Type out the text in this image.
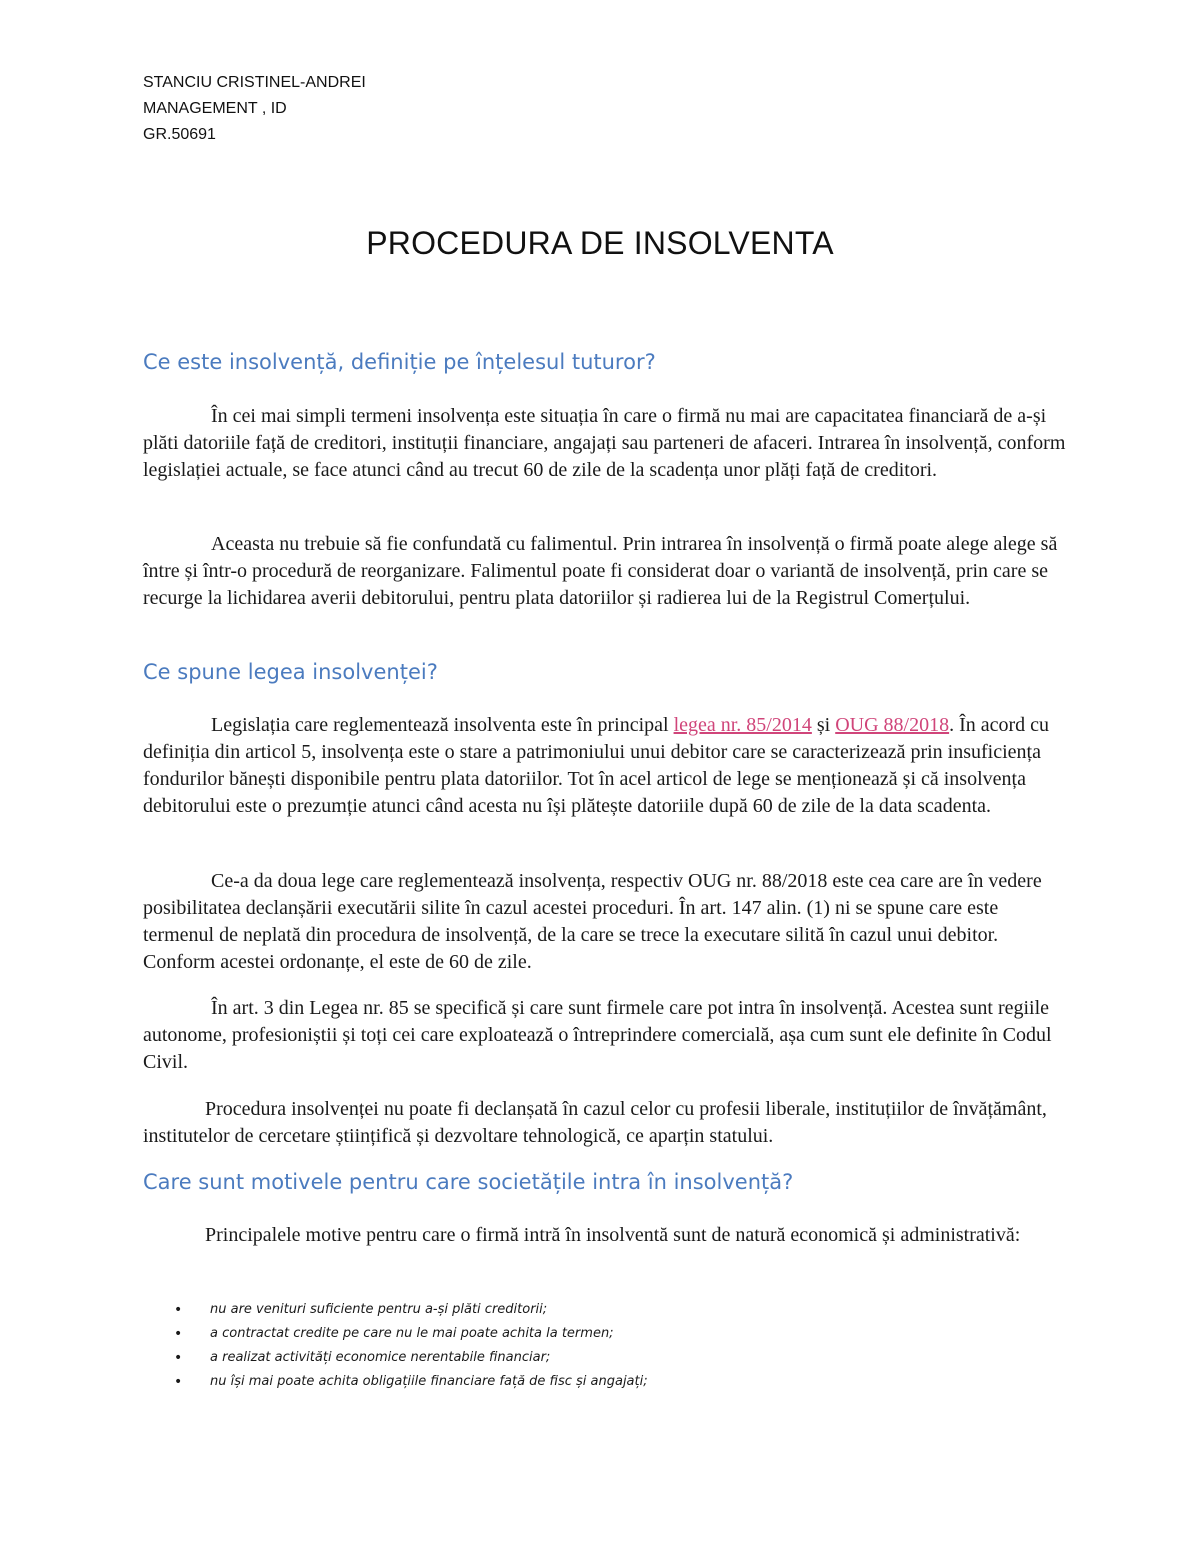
STANCIU CRISTINEL-ANDREI
MANAGEMENT , ID
GR.50691
PROCEDURA DE INSOLVENTA
Ce este insolvență, definiție pe înțelesul tuturor?

În cei mai simpli termeni insolvența este situația în care o firmă nu mai are capacitatea financiară de a-și plăti datoriile față de creditori, instituții financiare, angajați sau parteneri de afaceri. Intrarea în insolvență, conform legislației actuale, se face atunci când au trecut 60 de zile de la scadența unor plăți față de creditori.

Aceasta nu trebuie să fie confundată cu falimentul. Prin intrarea în insolvență o firmă poate alege alege să între și într-o procedură de reorganizare. Falimentul poate fi considerat doar o variantă de insolvență, prin care se recurge la lichidarea averii debitorului, pentru plata datoriilor și radierea lui de la Registrul Comerțului.

Ce spune legea insolvenței?

Legislația care reglementează insolventa este în principal legea nr. 85/2014 și OUG 88/2018. În acord cu definiția din articol 5, insolvența este o stare a patrimoniului unui debitor care se caracterizează prin insuficiența fondurilor bănești disponibile pentru plata datoriilor. Tot în acel articol de lege se menționează și că insolvența debitorului este o prezumție atunci când acesta nu își plătește datoriile după 60 de zile de la data scadenta.

Ce-a da doua lege care reglementează insolvența, respectiv OUG nr. 88/2018 este cea care are în vedere posibilitatea declanșării executării silite în cazul acestei proceduri. În art. 147 alin. (1) ni se spune care este termenul de neplată din procedura de insolvență, de la care se trece la executare silită în cazul unui debitor. Conform acestei ordonanțe, el este de 60 de zile.

În art. 3 din Legea nr. 85 se specifică și care sunt firmele care pot intra în insolvență. Acestea sunt regiile autonome, profesioniștii și toți cei care exploatează o întreprindere comercială, așa cum sunt ele definite în Codul Civil.

Procedura insolvenței nu poate fi declanșată în cazul celor cu profesii liberale, instituțiilor de învățământ, institutelor de cercetare științifică și dezvoltare tehnologică, ce aparțin statului.

Care sunt motivele pentru care societățile intra în insolvență?

Principalele motive pentru care o firmă intră în insolventă sunt de natură economică și administrativă:

• nu are venituri suficiente pentru a-și plăti creditorii;
• a contractat credite pe care nu le mai poate achita la termen;
• a realizat activități economice nerentabile financiar;
• nu își mai poate achita obligațiile financiare față de fisc și angajați;
